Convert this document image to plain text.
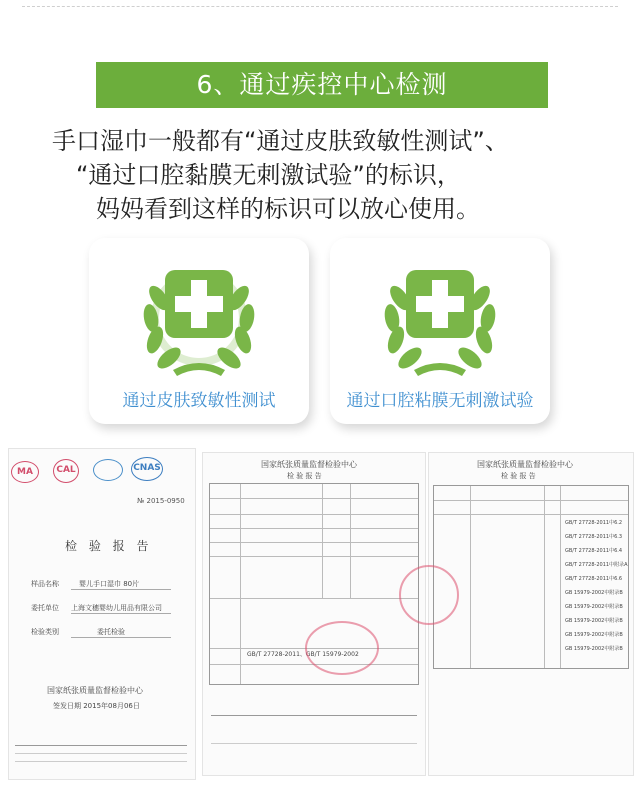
6、通过疾控中心检测
手口湿巾一般都有“通过皮肤致敏性测试”、
“通过口腔黏膜无刺激试验”的标识，
妈妈看到这样的标识可以放心使用。
通过皮肤致敏性测试	通过口腔粘膜无刺激试验
MA	CAL	CNAS
№ 2015-0950
检 验 报 告
样品名称	婴儿手口湿巾 80片
委托单位 上海文穗婴幼儿用品有限公司
检验类别	委托检验
国家纸张质量监督检验中心
签发日期 2015年08月06日
国家纸张质量监督检验中心
检 验 报 告
GB/T 27728-2011、GB/T 15979-2002
国家纸张质量监督检验中心
检 验 报 告
GB/T 27728-2011中6.2
GB/T 27728-2011中6.3
GB/T 27728-2011中6.4
GB/T 27728-2011中附录A
GB/T 27728-2011中6.6
GB 15979-2002中附录B
GB 15979-2002中附录B
GB 15979-2002中附录B
GB 15979-2002中附录B
GB 15979-2002中附录B
